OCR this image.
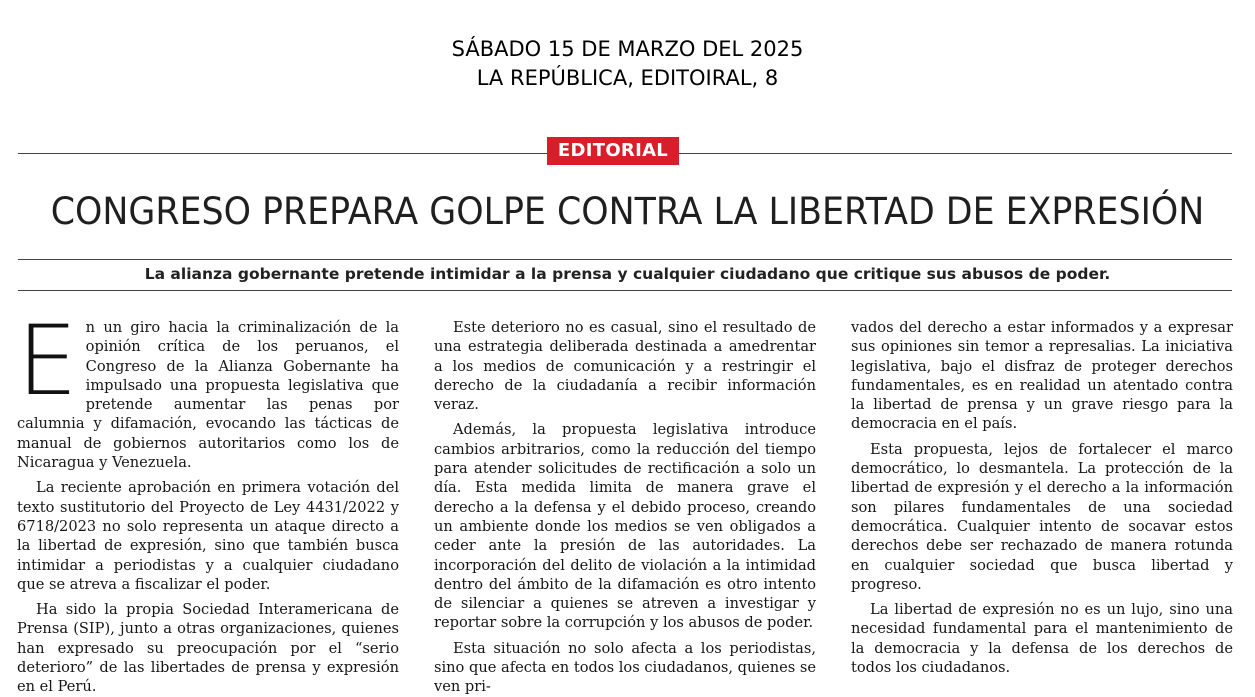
SÁBADO 15 DE MARZO DEL 2025
LA REPÚBLICA, EDITOIRAL, 8
EDITORIAL
CONGRESO PREPARA GOLPE CONTRA LA LIBERTAD DE EXPRESIÓN
La alianza gobernante pretende intimidar a la prensa y cualquier ciudadano que critique sus abusos de poder.
E n un giro hacia la criminalización de la opinión crítica de los peruanos, el Congreso de la Alianza Gobernante ha impulsado una propuesta legislativa que pretende aumentar las penas por calumnia y difamación, evocando las tácticas de manual de gobiernos autoritarios como los de Nicaragua y Venezuela.

La reciente aprobación en primera votación del texto sustitutorio del Proyecto de Ley 4431/2022 y 6718/2023 no solo representa un ataque directo a la libertad de expresión, sino que también busca intimidar a periodistas y a cualquier ciudadano que se atreva a fiscalizar el poder.

Ha sido la propia Sociedad Interamericana de Prensa (SIP), junto a otras organizaciones, quienes han expresado su preocupación por el “serio deterioro” de las libertades de prensa y expresión en el Perú.

Este deterioro no es casual, sino el resultado de una estrategia deliberada destinada a amedrentar a los medios de comunicación y a restringir el derecho de la ciudadanía a recibir información veraz.

Además, la propuesta legislativa introduce cambios arbitrarios, como la reducción del tiempo para atender solicitudes de rectificación a solo un día. Esta medida limita de manera grave el derecho a la defensa y el debido proceso, creando un ambiente donde los medios se ven obligados a ceder ante la presión de las autoridades. La incorporación del delito de violación a la intimidad dentro del ámbito de la difamación es otro intento de silenciar a quienes se atreven a investigar y reportar sobre la corrupción y los abusos de poder.

Esta situación no solo afecta a los periodistas, sino que afecta en todos los ciudadanos, quienes se ven pri-

vados del derecho a estar informados y a expresar sus opiniones sin temor a represalias. La iniciativa legislativa, bajo el disfraz de proteger derechos fundamentales, es en realidad un atentado contra la libertad de prensa y un grave riesgo para la democracia en el país.

Esta propuesta, lejos de fortalecer el marco democrático, lo desmantela. La protección de la libertad de expresión y el derecho a la información son pilares fundamentales de una sociedad democrática. Cualquier intento de socavar estos derechos debe ser rechazado de manera rotunda en cualquier sociedad que busca libertad y progreso.

La libertad de expresión no es un lujo, sino una necesidad fundamental para el mantenimiento de la democracia y la defensa de los derechos de todos los ciudadanos.
